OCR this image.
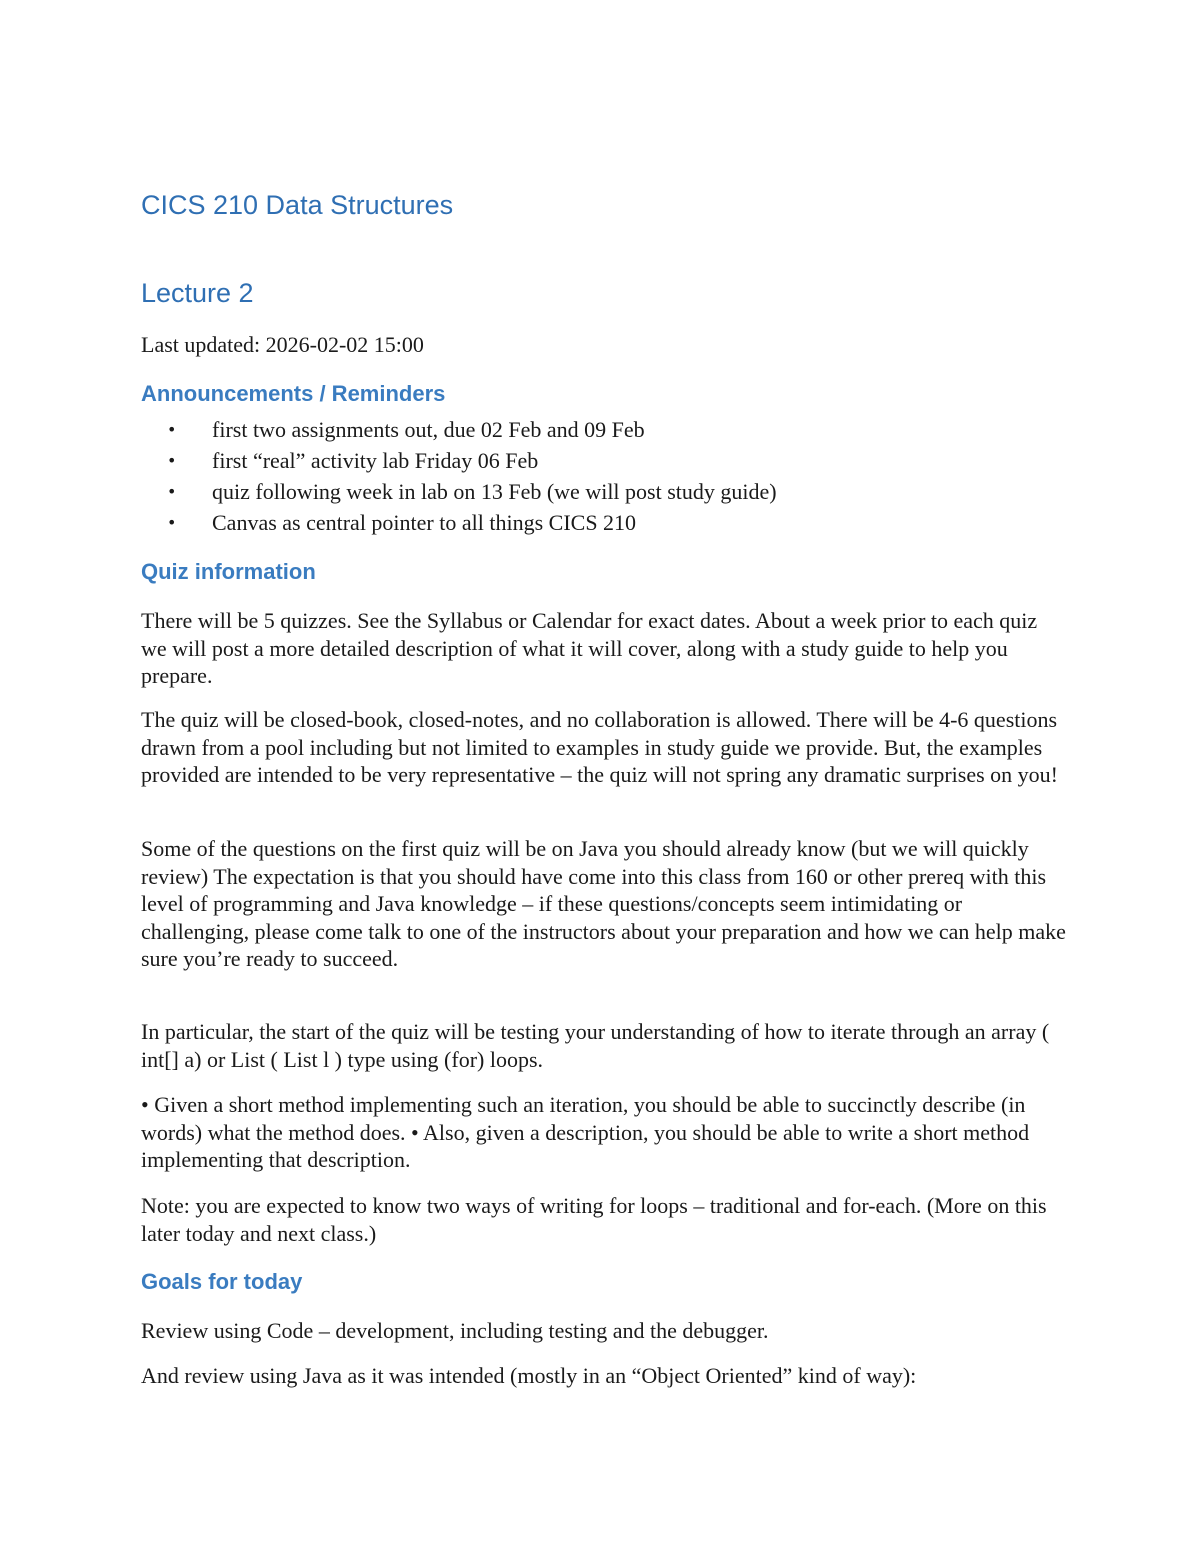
CICS 210 Data Structures
Lecture 2

Last updated: 2026-02-02 15:00

Announcements / Reminders
• first two assignments out, due 02 Feb and 09 Feb
• first “real” activity lab Friday 06 Feb
• quiz following week in lab on 13 Feb (we will post study guide)
• Canvas as central pointer to all things CICS 210
Quiz information

There will be 5 quizzes. See the Syllabus or Calendar for exact dates. About a week prior to each quiz we will post a more detailed description of what it will cover, along with a study guide to help you prepare.

The quiz will be closed-book, closed-notes, and no collaboration is allowed. There will be 4-6 questions drawn from a pool including but not limited to examples in study guide we provide. But, the examples provided are intended to be very representative – the quiz will not spring any dramatic surprises on you!

Some of the questions on the first quiz will be on Java you should already know (but we will quickly review) The expectation is that you should have come into this class from 160 or other prereq with this level of programming and Java knowledge – if these questions/concepts seem intimidating or challenging, please come talk to one of the instructors about your preparation and how we can help make sure you’re ready to succeed.

In particular, the start of the quiz will be testing your understanding of how to iterate through an array ( int[] a) or List ( List l ) type using (for) loops.

• Given a short method implementing such an iteration, you should be able to succinctly describe (in words) what the method does. • Also, given a description, you should be able to write a short method implementing that description.

Note: you are expected to know two ways of writing for loops – traditional and for-each. (More on this later today and next class.)

Goals for today

Review using Code – development, including testing and the debugger.

And review using Java as it was intended (mostly in an “Object Oriented” kind of way):
